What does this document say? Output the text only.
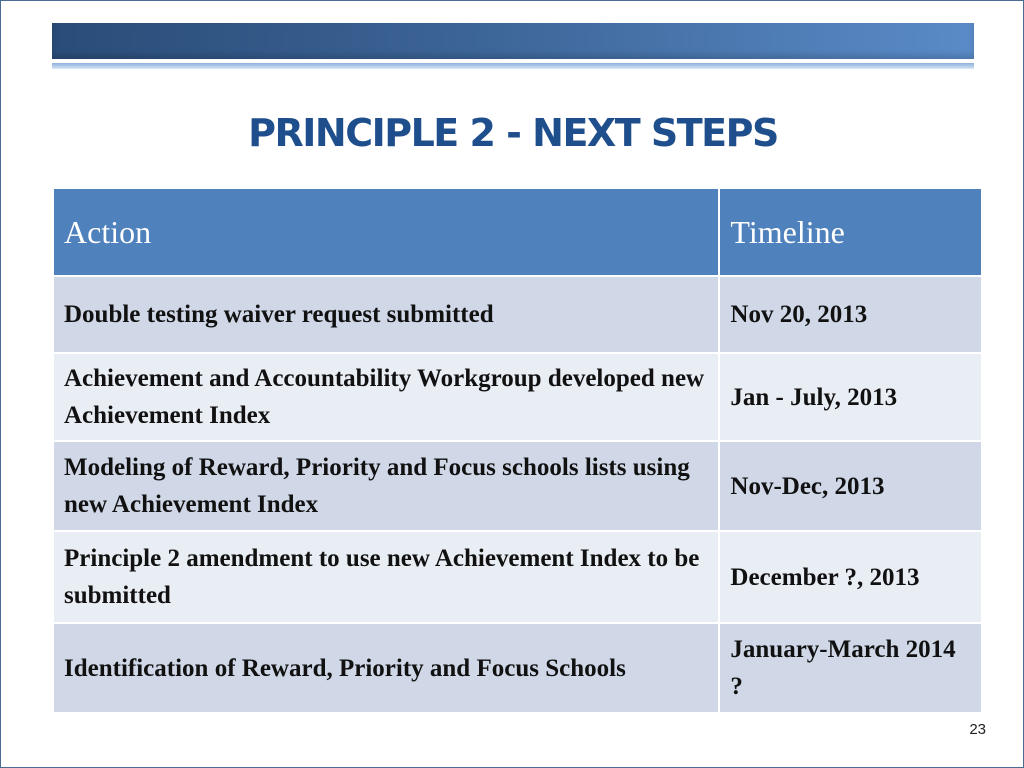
PRINCIPLE 2 - NEXT STEPS
Action	Timeline
Double testing waiver request submitted	Nov 20, 2013
Achievement and Accountability Workgroup developed new Achievement Index	Jan - July, 2013
Modeling of Reward, Priority and Focus schools lists using new Achievement Index	Nov-Dec, 2013
Principle 2 amendment to use new Achievement Index to be submitted	December ?, 2013
Identification of Reward, Priority and Focus Schools	January-March 2014 ?
23
